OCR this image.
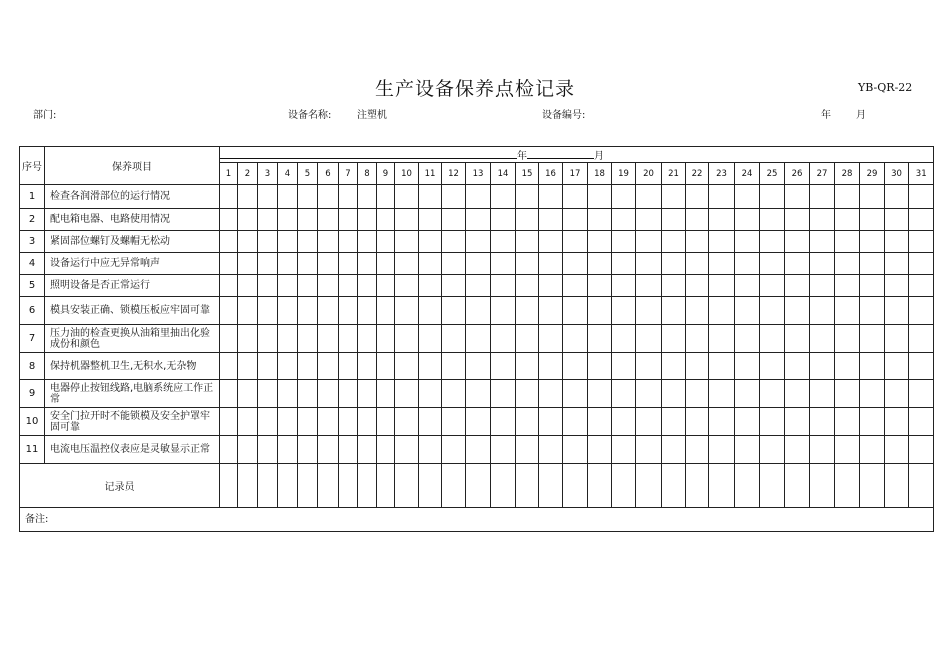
生产设备保养点检记录	YB-QR-22
部门:	设备名称:	注塑机	设备编号:	年	月
序号	保养项目	年 月																														
		1	2	3	4	5	6	7	8	9	10	11	12	13	14	15	16	17	18	19	20	21	22	23	24	25	26	27	28	29	30	31
1	检查各润滑部位的运行情况																															
2	配电箱电器、电路使用情况																															
3	紧固部位螺钉及螺帽无松动																															
4	设备运行中应无异常响声																															
5	照明设备是否正常运行																															
6	模具安装正确、锁模压板应牢固可靠																															
7	压力油的检查更换从油箱里抽出化验成份和颜色																															
8	保持机器整机卫生,无积水,无杂物																															
9	电器停止按钮线路,电脑系统应工作正常																															
10	安全门拉开时不能锁模及安全护罩牢固可靠																															
11	电流电压温控仪表应是灵敏显示正常																															
记录员																																
备注:																																
